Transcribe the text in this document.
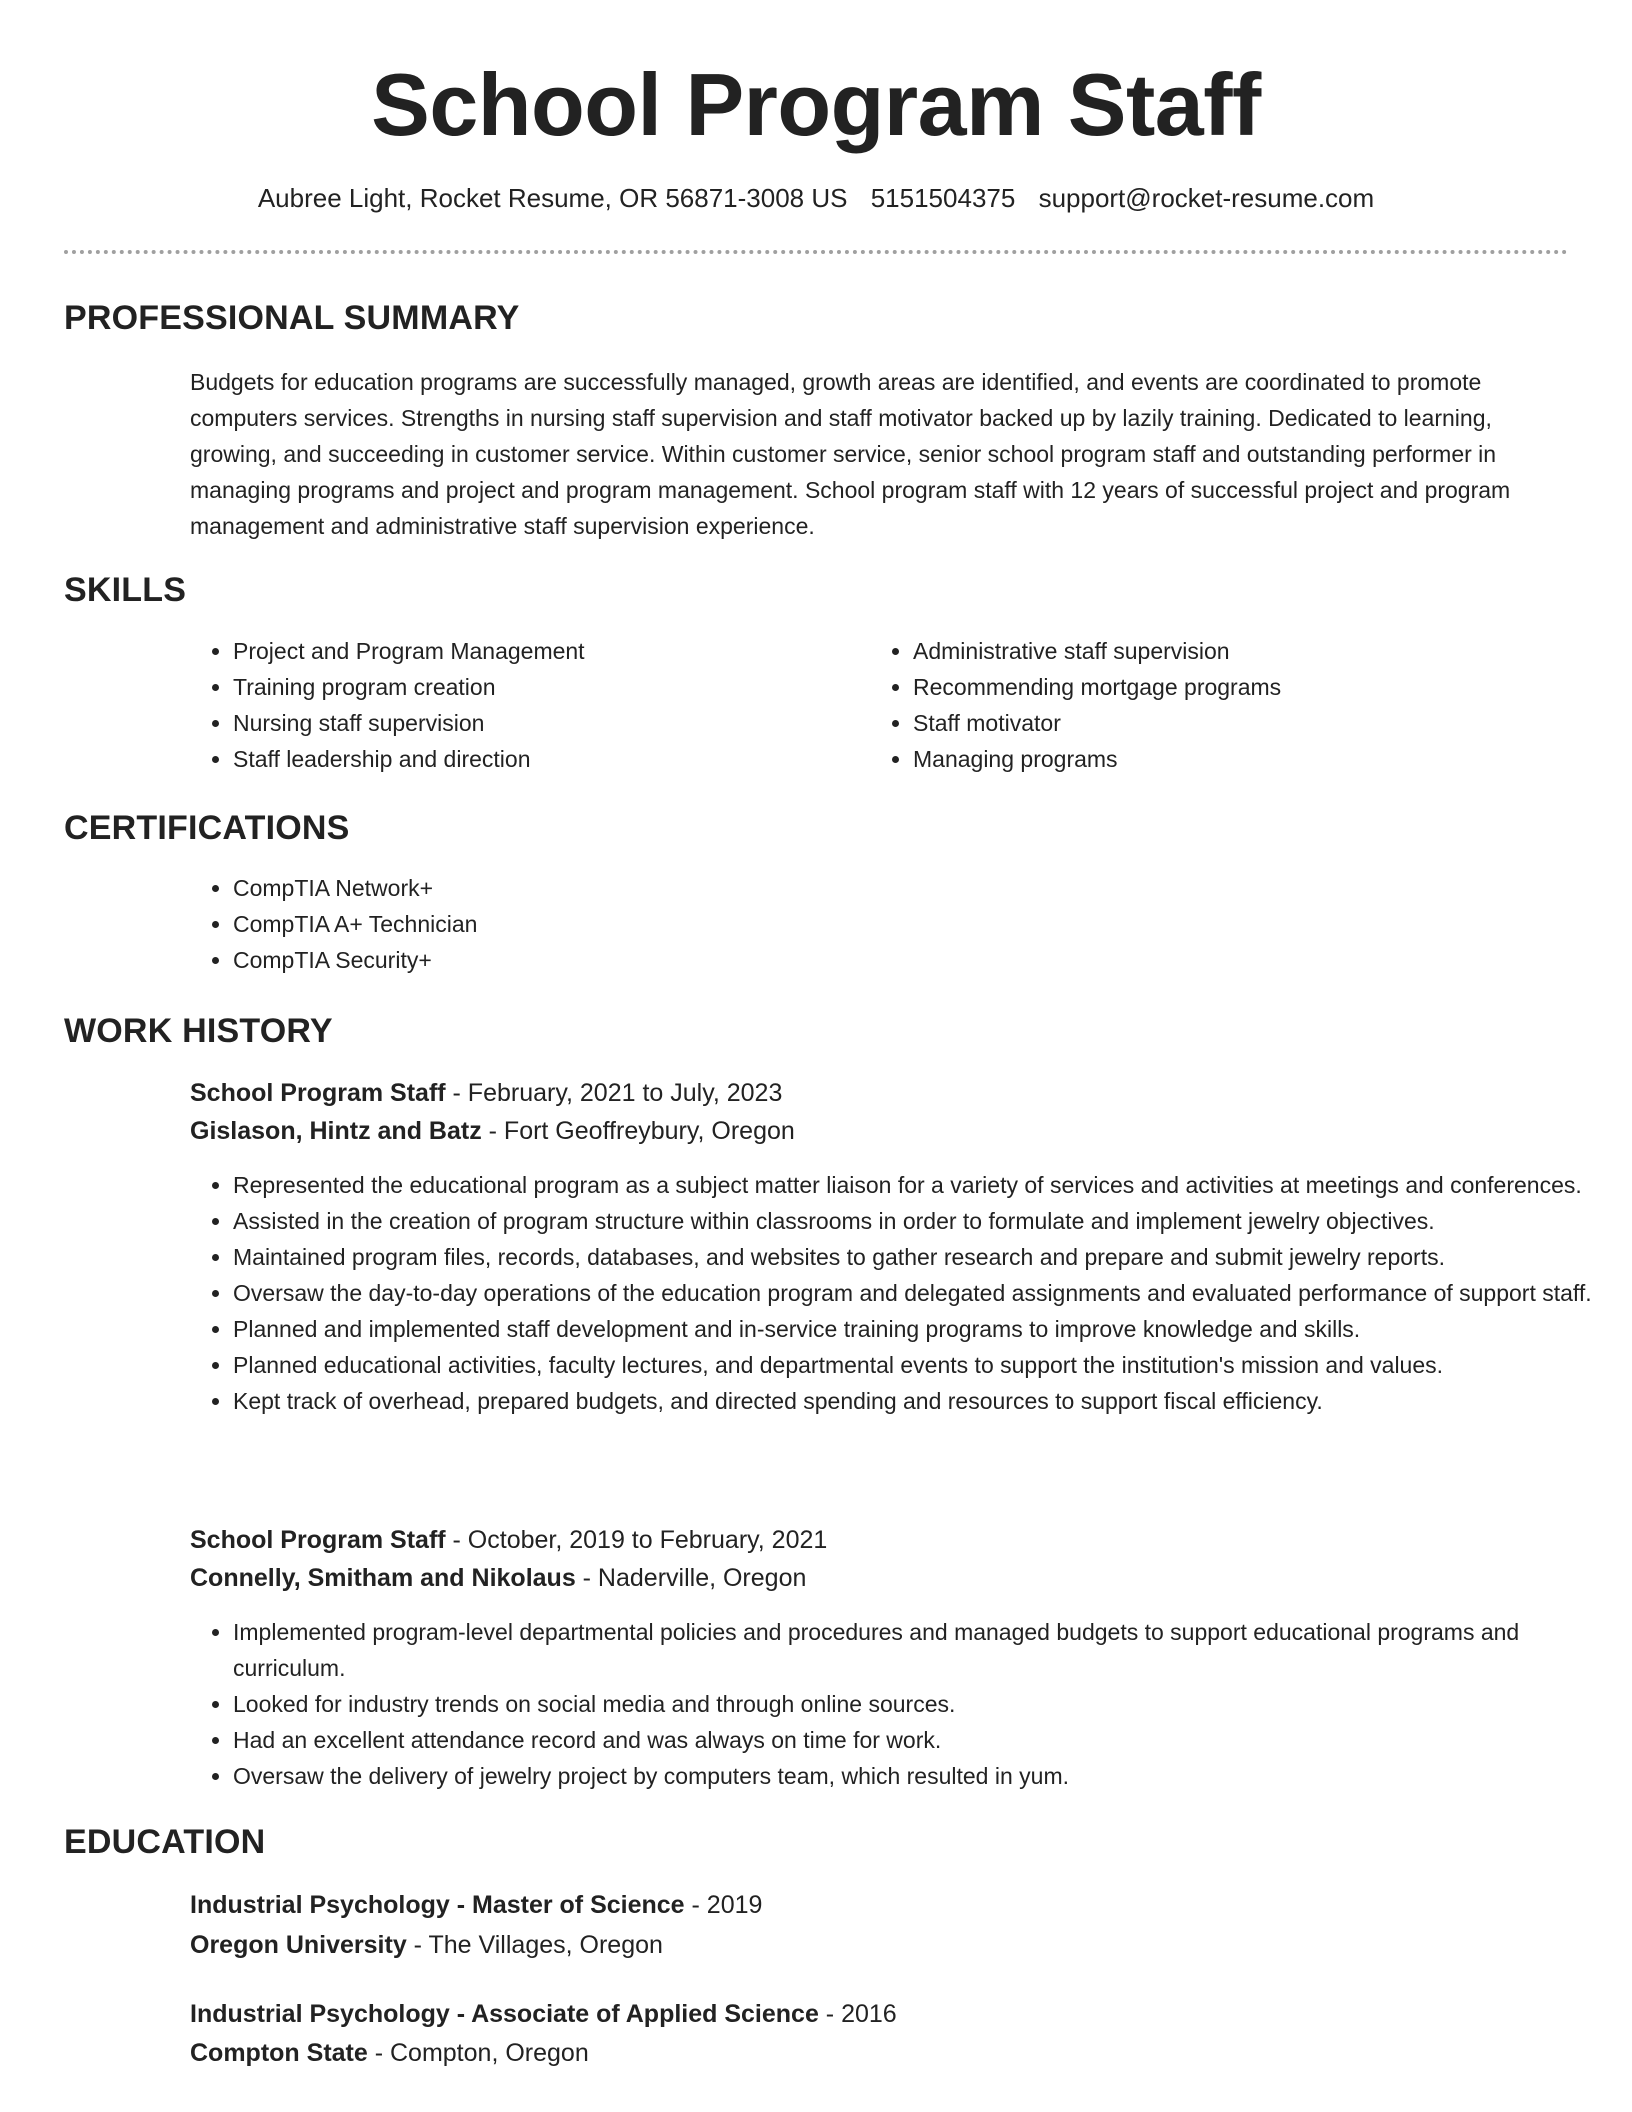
School Program Staff
Aubree Light, Rocket Resume, OR 56871-3008 US 5151504375 support@rocket-resume.com
PROFESSIONAL SUMMARY
Budgets for education programs are successfully managed, growth areas are identified, and events are coordinated to promote computers services. Strengths in nursing staff supervision and staff motivator backed up by lazily training. Dedicated to learning, growing, and succeeding in customer service. Within customer service, senior school program staff and outstanding performer in managing programs and project and program management. School program staff with 12 years of successful project and program management and administrative staff supervision experience.
SKILLS
• Project and Program Management
• Training program creation
• Nursing staff supervision
• Staff leadership and direction
• Administrative staff supervision
• Recommending mortgage programs
• Staff motivator
• Managing programs
CERTIFICATIONS
• CompTIA Network+
• CompTIA A+ Technician
• CompTIA Security+
WORK HISTORY
School Program Staff - February, 2021 to July, 2023
Gislason, Hintz and Batz - Fort Geoffreybury, Oregon
• Represented the educational program as a subject matter liaison for a variety of services and activities at meetings and conferences.
• Assisted in the creation of program structure within classrooms in order to formulate and implement jewelry objectives.
• Maintained program files, records, databases, and websites to gather research and prepare and submit jewelry reports.
• Oversaw the day-to-day operations of the education program and delegated assignments and evaluated performance of support staff.
• Planned and implemented staff development and in-service training programs to improve knowledge and skills.
• Planned educational activities, faculty lectures, and departmental events to support the institution's mission and values.
• Kept track of overhead, prepared budgets, and directed spending and resources to support fiscal efficiency.
School Program Staff - October, 2019 to February, 2021
Connelly, Smitham and Nikolaus - Naderville, Oregon
• Implemented program-level departmental policies and procedures and managed budgets to support educational programs and curriculum.
• Looked for industry trends on social media and through online sources.
• Had an excellent attendance record and was always on time for work.
• Oversaw the delivery of jewelry project by computers team, which resulted in yum.
EDUCATION
Industrial Psychology - Master of Science - 2019
Oregon University - The Villages, Oregon
Industrial Psychology - Associate of Applied Science - 2016
Compton State - Compton, Oregon
